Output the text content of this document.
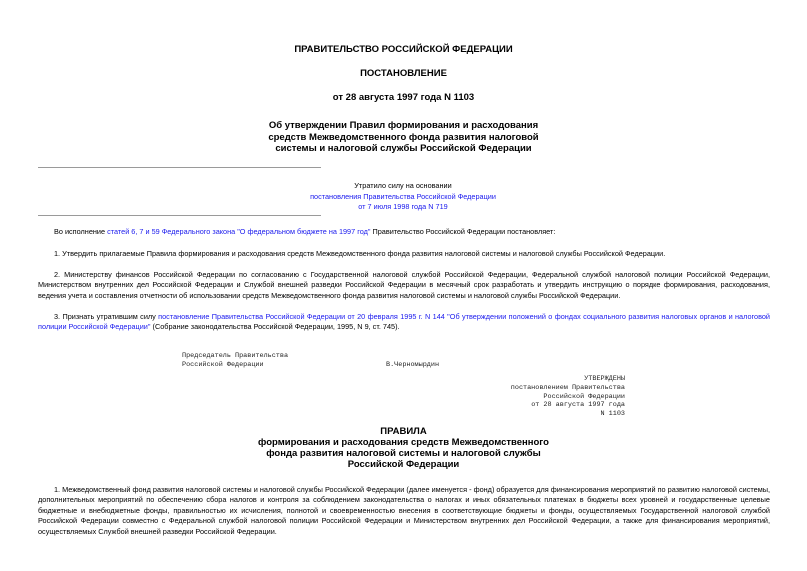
ПРАВИТЕЛЬСТВО РОССИЙСКОЙ ФЕДЕРАЦИИ
ПОСТАНОВЛЕНИЕ
от 28 августа 1997 года N 1103
Об утверждении Правил формирования и расходования
средств Межведомственного фонда развития налоговой
системы и налоговой службы Российской Федерации
Утратило силу на основании
постановления Правительства Российской Федерации
от 7 июля 1998 года N 719
Во исполнение статей 6, 7 и 59 Федерального закона "О федеральном бюджете на 1997 год" Правительство Российской Федерации постановляет:
1. Утвердить прилагаемые Правила формирования и расходования средств Межведомственного фонда развития налоговой системы и налоговой службы Российской Федерации.
2. Министерству финансов Российской Федерации по согласованию с Государственной налоговой службой Российской Федерации, Федеральной службой налоговой полиции Российской Федерации, Министерством внутренних дел Российской Федерации и Службой внешней разведки Российской Федерации в месячный срок разработать и утвердить инструкцию о порядке формирования, расходования, ведения учета и составления отчетности об использовании средств Межведомственного фонда развития налоговой системы и налоговой службы Российской Федерации.
3. Признать утратившим силу постановление Правительства Российской Федерации от 20 февраля 1995 г. N 144 "Об утверждении положений о фондах социального развития налоговых органов и налоговой полиции Российской Федерации" (Собрание законодательства Российской Федерации, 1995, N 9, ст. 745).
Председатель Правительства
Российской Федерации	В.Черномырдин
УТВЕРЖДЕНЫ
постановлением Правительства
Российской Федерации
от 28 августа 1997 года
N 1103
ПРАВИЛА
формирования и расходования средств Межведомственного
фонда развития налоговой системы и налоговой службы
Российской Федерации
1. Межведомственный фонд развития налоговой системы и налоговой службы Российской Федерации (далее именуется - фонд) образуется для финансирования мероприятий по развитию налоговой системы, дополнительных мероприятий по обеспечению сбора налогов и контроля за соблюдением законодательства о налогах и иных обязательных платежах в бюджеты всех уровней и государственные целевые бюджетные и внебюджетные фонды, правильностью их исчисления, полнотой и своевременностью внесения в соответствующие бюджеты и фонды, осуществляемых Государственной налоговой службой Российской Федерации совместно с Федеральной службой налоговой полиции Российской Федерации и Министерством внутренних дел Российской Федерации, а также для финансирования мероприятий, осуществляемых Службой внешней разведки Российской Федерации.
